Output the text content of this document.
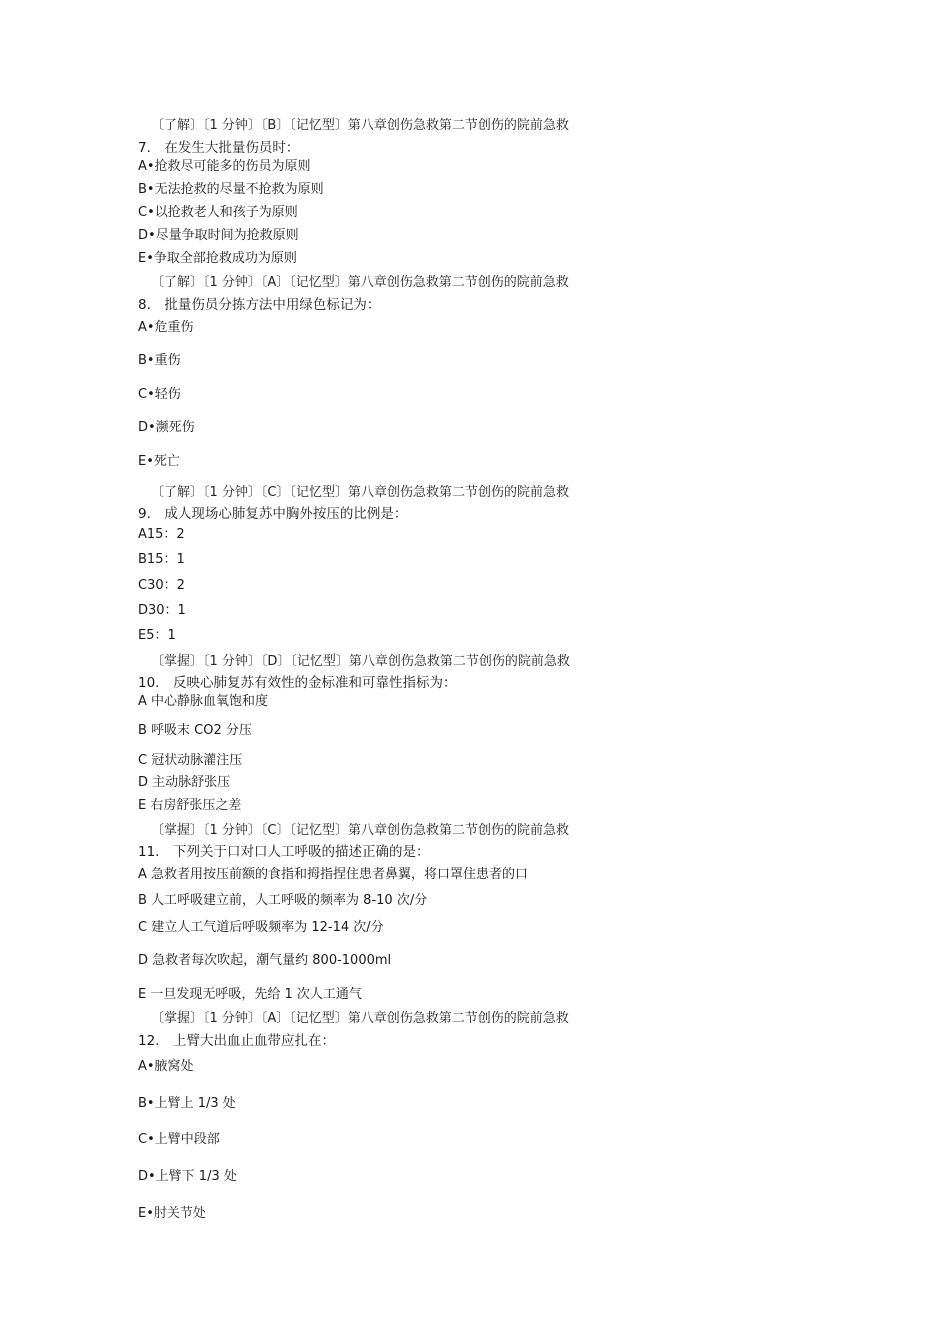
〔了解〕〔1 分钟〕〔B〕〔记忆型〕第八章创伤急救第二节创伤的院前急救
7.　在发生大批量伤员时：
A•抢救尽可能多的伤员为原则
B•无法抢救的尽量不抢救为原则
C•以抢救老人和孩子为原则
D•尽量争取时间为抢救原则
E•争取全部抢救成功为原则
〔了解〕〔1 分钟〕〔A〕〔记忆型〕第八章创伤急救第二节创伤的院前急救
8.　批量伤员分拣方法中用绿色标记为：
A•危重伤
B•重伤
C•轻伤
D•濒死伤
E•死亡
〔了解〕〔1 分钟〕〔C〕〔记忆型〕第八章创伤急救第二节创伤的院前急救
9.　成人现场心肺复苏中胸外按压的比例是：
A15：2
B15：1
C30：2
D30：1
E5：1
〔掌握〕〔1 分钟〕〔D〕〔记忆型〕第八章创伤急救第二节创伤的院前急救
10.　反映心肺复苏有效性的金标准和可靠性指标为：
A 中心静脉血氧饱和度
B 呼吸末 CO2 分压
C 冠状动脉灌注压
D 主动脉舒张压
E 右房舒张压之差
〔掌握〕〔1 分钟〕〔C〕〔记忆型〕第八章创伤急救第二节创伤的院前急救
11.　下列关于口对口人工呼吸的描述正确的是：
A 急救者用按压前额的食指和拇指捏住患者鼻翼，将口罩住患者的口
B 人工呼吸建立前，人工呼吸的频率为 8-10 次/分
C 建立人工气道后呼吸频率为 12-14 次/分
D 急救者每次吹起，潮气量约 800-1000ml
E 一旦发现无呼吸，先给 1 次人工通气
〔掌握〕〔1 分钟〕〔A〕〔记忆型〕第八章创伤急救第二节创伤的院前急救
12.　上臂大出血止血带应扎在：
A•腋窝处
B•上臂上 1/3 处
C•上臂中段部
D•上臂下 1/3 处
E•肘关节处
